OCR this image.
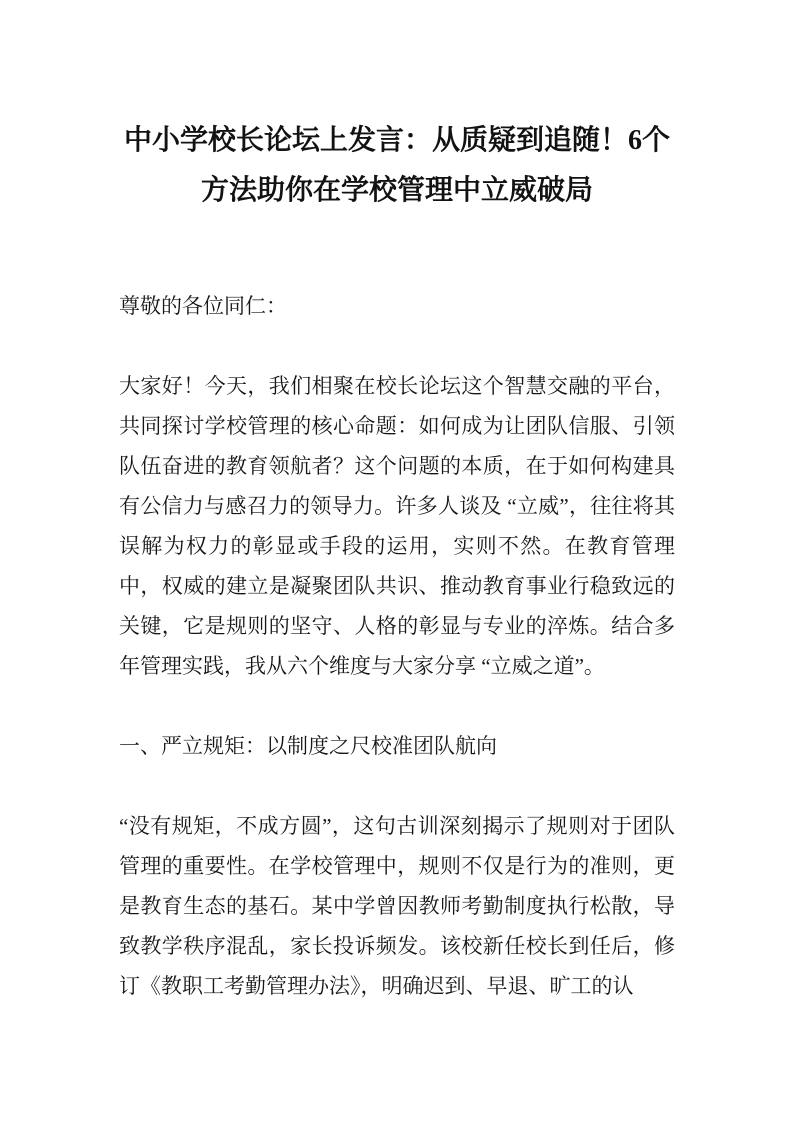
中小学校长论坛上发言：从质疑到追随！6个方法助你在学校管理中立威破局

尊敬的各位同仁：

大家好！今天，我们相聚在校长论坛这个智慧交融的平台，共同探讨学校管理的核心命题：如何成为让团队信服、引领队伍奋进的教育领航者？这个问题的本质，在于如何构建具有公信力与感召力的领导力。许多人谈及 “立威”，往往将其误解为权力的彰显或手段的运用，实则不然。在教育管理中，权威的建立是凝聚团队共识、推动教育事业行稳致远的关键，它是规则的坚守、人格的彰显与专业的淬炼。结合多年管理实践，我从六个维度与大家分享 “立威之道”。

一、严立规矩：以制度之尺校准团队航向

“没有规矩，不成方圆”，这句古训深刻揭示了规则对于团队管理的重要性。在学校管理中，规则不仅是行为的准则，更是教育生态的基石。某中学曾因教师考勤制度执行松散，导致教学秩序混乱，家长投诉频发。该校新任校长到任后，修订《教职工考勤管理办法》，明确迟到、早退、旷工的认
